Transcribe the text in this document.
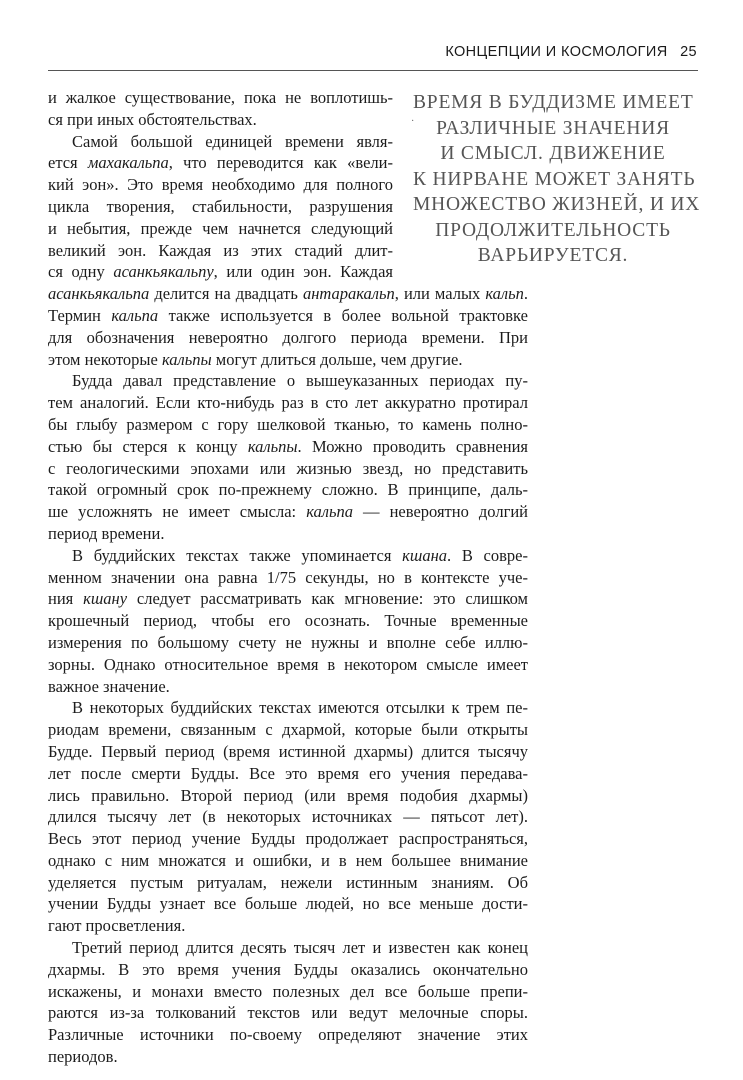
КОНЦЕПЦИИ И КОСМОЛОГИЯ 25
·
ВРЕМЯ В БУДДИЗМЕ ИМЕЕТ
РАЗЛИЧНЫЕ ЗНАЧЕНИЯ
И СМЫСЛ. ДВИЖЕНИЕ
К НИРВАНЕ МОЖЕТ ЗАНЯТЬ
МНОЖЕСТВО ЖИЗНЕЙ, И ИХ
ПРОДОЛЖИТЕЛЬНОСТЬ
ВАРЬИРУЕТСЯ.
и жалкое существование, пока не воплотишь-
ся при иных обстоятельствах.
Самой большой единицей времени явля-
ется махакальпа, что переводится как «вели-
кий эон». Это время необходимо для полного
цикла творения, стабильности, разрушения
и небытия, прежде чем начнется следующий
великий эон. Каждая из этих стадий длит-
ся одну асанкьякальпу, или один эон. Каждая
асанкьякальпа делится на двадцать антаракальп, или малых кальп.
Термин кальпа также используется в более вольной трактовке
для обозначения невероятно долгого периода времени. При
этом некоторые кальпы могут длиться дольше, чем другие.
Будда давал представление о вышеуказанных периодах пу-
тем аналогий. Если кто-нибудь раз в сто лет аккуратно протирал
бы глыбу размером с гору шелковой тканью, то камень полно-
стью бы стерся к концу кальпы. Можно проводить сравнения
с геологическими эпохами или жизнью звезд, но представить
такой огромный срок по-прежнему сложно. В принципе, даль-
ше усложнять не имеет смысла: кальпа — невероятно долгий
период времени.
В буддийских текстах также упоминается кшана. В совре-
менном значении она равна 1/75 секунды, но в контексте уче-
ния кшану следует рассматривать как мгновение: это слишком
крошечный период, чтобы его осознать. Точные временные
измерения по большому счету не нужны и вполне себе иллю-
зорны. Однако относительное время в некотором смысле имеет
важное значение.
В некоторых буддийских текстах имеются отсылки к трем пе-
риодам времени, связанным с дхармой, которые были открыты
Будде. Первый период (время истинной дхармы) длится тысячу
лет после смерти Будды. Все это время его учения передава-
лись правильно. Второй период (или время подобия дхармы)
длился тысячу лет (в некоторых источниках — пятьсот лет).
Весь этот период учение Будды продолжает распространяться,
однако с ним множатся и ошибки, и в нем большее внимание
уделяется пустым ритуалам, нежели истинным знаниям. Об
учении Будды узнает все больше людей, но все меньше дости-
гают просветления.
Третий период длится десять тысяч лет и известен как конец
дхармы. В это время учения Будды оказались окончательно
искажены, и монахи вместо полезных дел все больше препи-
раются из-за толкований текстов или ведут мелочные споры.
Различные источники по-своему определяют значение этих
периодов.
